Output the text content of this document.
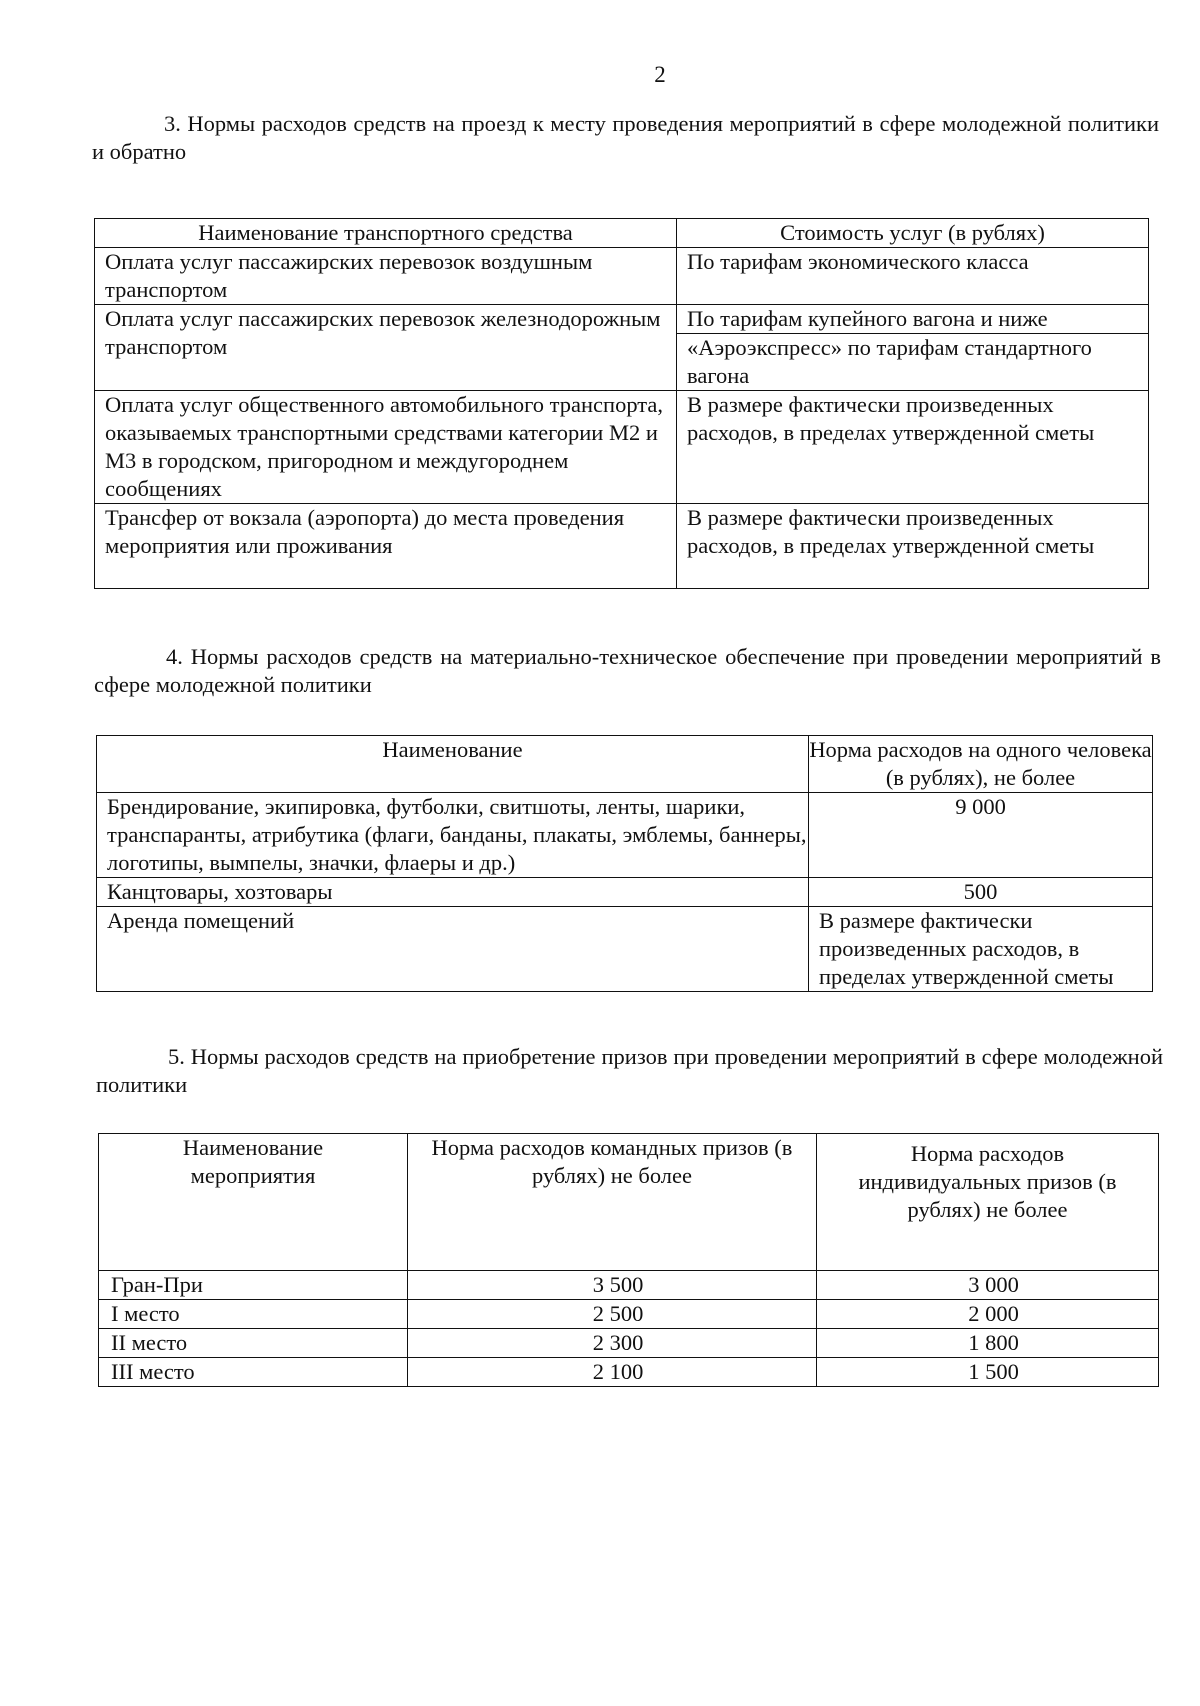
2

3. Нормы расходов средств на проезд к месту проведения мероприятий в сфере молодежной политики и обратно

Наименование транспортного средства	Стоимость услуг (в рублях)
Оплата услуг пассажирских перевозок воздушным транспортом	По тарифам экономического класса
Оплата услуг пассажирских перевозок железнодорожным транспортом	По тарифам купейного вагона и ниже
	«Аэроэкспресс» по тарифам стандартного вагона
Оплата услуг общественного автомобильного транспорта, оказываемых транспортными средствами категории М2 и М3 в городском, пригородном и междугороднем сообщениях	В размере фактически произведенных расходов, в пределах утвержденной сметы
Трансфер от вокзала (аэропорта) до места проведения мероприятия или проживания	В размере фактически произведенных расходов, в пределах утвержденной сметы

4. Нормы расходов средств на материально-техническое обеспечение при проведении мероприятий в сфере молодежной политики

Наименование	Норма расходов на одного человека (в рублях), не более
Брендирование, экипировка, футболки, свитшоты, ленты, шарики, транспаранты, атрибутика (флаги, банданы, плакаты, эмблемы, баннеры, логотипы, вымпелы, значки, флаеры и др.)	9 000
Канцтовары, хозтовары	500
Аренда помещений	В размере фактически произведенных расходов, в пределах утвержденной сметы

5. Нормы расходов средств на приобретение призов при проведении мероприятий в сфере молодежной политики

Наименование мероприятия	Норма расходов командных призов (в рублях) не более	Норма расходов индивидуальных призов (в рублях) не более
Гран-При	3 500	3 000
I место	2 500	2 000
II место	2 300	1 800
III место	2 100	1 500
